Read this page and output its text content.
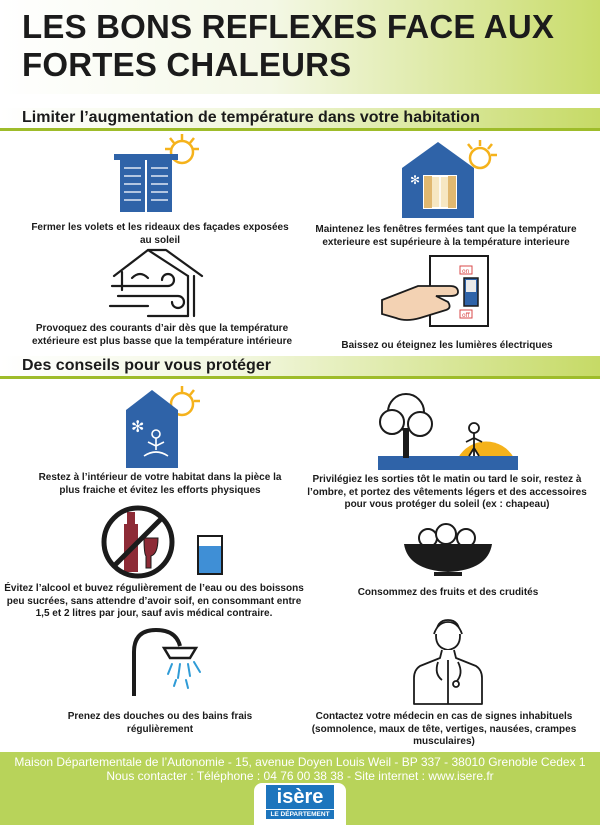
LES BONS REFLEXES FACE AUX FORTES CHALEURS
Limiter l’augmentation de température dans votre habitation
Fermer les volets et les rideaux des façades exposées au soleil
✻
Maintenez les fenêtres fermées tant que la température exterieure est supérieure à la température interieure
Provoquez des courants d’air dès que la température extérieure est plus basse que la température intérieure
on
off
Baissez ou éteignez les lumières électriques
Des conseils pour vous protéger
✻
Restez à l’intérieur de votre habitat dans la pièce la plus fraiche et évitez les efforts physiques
Privilégiez les sorties tôt le matin ou tard le soir, restez à l’ombre, et portez des vêtements légers et des accessoires pour vous protéger du soleil (ex : chapeau)
Évitez l’alcool et buvez régulièrement de l’eau ou des boissons peu sucrées, sans attendre d’avoir soif, en consommant entre 1,5 et 2 litres par jour, sauf avis médical contraire.
Consommez des fruits et des crudités
Prenez des douches ou des bains frais régulièrement
Contactez votre médecin en cas de signes inhabituels (somnolence, maux de tête, vertiges, nausées, crampes musculaires)
Maison Départementale de l’Autonomie - 15, avenue Doyen Louis Weil - BP 337 - 38010 Grenoble Cedex 1
Nous contacter : Téléphone : 04 76 00 38 38 - Site internet : www.isere.fr
isère
LE DÉPARTEMENT
